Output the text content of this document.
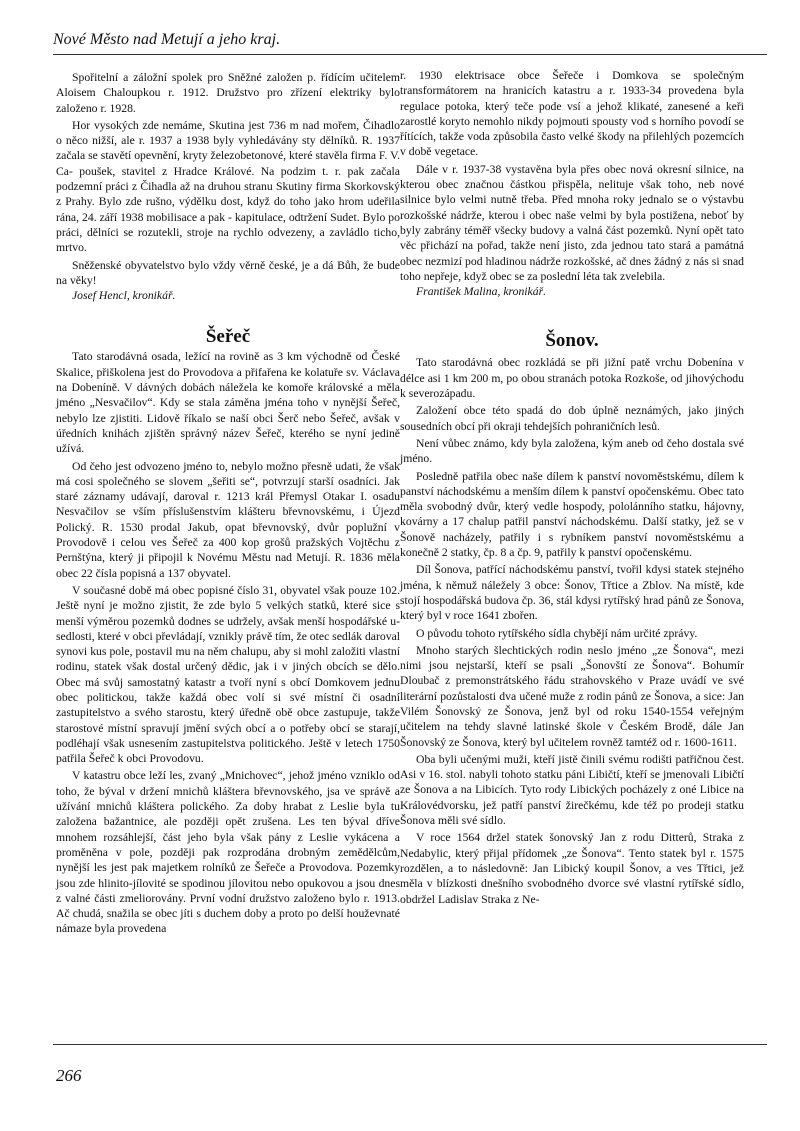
Nové Město nad Metují a jeho kraj.

Spořitelní a záložní spolek pro Sněžné založen p. řídícím učitelem Aloisem Chaloupkou r. 1912. Družstvo pro zřízení elektriky bylo založeno r. 1928.

Hor vysokých zde nemáme, Skutina jest 736 m nad mořem, Čihadlo o něco nižší, ale r. 1937 a 1938 byly vyhledávány sty dělníků. R. 1937 začala se stavětí opevnění, kryty železobetonové, které stavěla firma F. V. Ca- poušek, stavitel z Hradce Králové. Na podzim t. r. pak začala podzemní práci z Čihadla až na druhou stranu Skutiny firma Skorkovský z Prahy. Bylo zde rušno, výdělku dost, když do toho jako hrom udeřila rána, 24. září 1938 mobilisace a pak - kapitulace, odtržení Sudet. Bylo po práci, dělníci se rozutekli, stroje na rychlo odvezeny, a zavládlo ticho, mrtvo.

Sněženské obyvatelstvo bylo vždy věrně české, je a dá Bůh, že bude na věky!

Josef Hencl, kronikář.

Šeřeč

Tato starodávná osada, ležící na rovině as 3 km východně od České Skalice, přiškolena jest do Provodova a přifařena ke kolatuře sv. Václava na Dobeníně. V dávných dobách náležela ke komoře královské a měla jméno „Nesvačilov“. Kdy se stala záměna jména toho v nynější Šeřeč, nebylo lze zjistiti. Lidově říkalo se naší obci Šerč nebo Šeřeč, avšak v úředních knihách zjištěn správný název Šeřeč, kterého se nyní jedině užívá.

Od čeho jest odvozeno jméno to, nebylo možno přesně udati, že však má cosi společného se slovem „šeřiti se“, potvrzují starší osadníci. Jak staré záznamy udávají, daroval r. 1213 král Přemysl Otakar I. osadu Nesvačilov se vším příslušenstvím klášteru břevnovskému, i Újezd Polický. R. 1530 prodal Jakub, opat břevnovský, dvůr poplužní v Provodově i celou ves Šeřeč za 400 kop grošů pražských Vojtěchu z Pernštýna, který ji připojil k Novému Městu nad Metují. R. 1836 měla obec 22 čísla popisná a 137 obyvatel.

V současné době má obec popisné číslo 31, obyvatel však pouze 102. Ještě nyní je možno zjistit, že zde bylo 5 velkých statků, které sice s menší výměrou pozemků dodnes se udržely, avšak menší hospodářské u- sedlosti, které v obci převládají, vznikly právě tím, že otec sedlák daroval synovi kus pole, postavil mu na něm chalupu, aby si mohl založiti vlastní rodinu, statek však dostal určený dědic, jak i v jiných obcích se dělo. Obec má svůj samostatný katastr a tvoří nyní s obcí Domkovem jednu obec politickou, takže každá obec volí si své místní či osadní zastupitelstvo a svého starostu, který úředně obě obce zastupuje, takže starostové místní spravují jmění svých obcí a o potřeby obcí se starají, podléhají však usnesením zastupitelstva politického. Ještě v letech 1750 patřila Šeřeč k obci Provodovu.

V katastru obce leží les, zvaný „Mnichovec“, jehož jméno vzniklo od toho, že býval v držení mnichů kláštera břevnovského, jsa ve správě a užívání mnichů kláštera polického. Za doby hrabat z Leslie byla tu založena bažantnice, ale později opět zrušena. Les ten býval dříve mnohem rozsáhlejší, část jeho byla však pány z Leslie vykácena a proměněna v pole, později pak rozprodána drobným zemědělcům, nynější les jest pak majetkem rolníků ze Šeřeče a Provodova. Pozemky jsou zde hlinito-jílovité se spodinou jílovitou nebo opukovou a jsou dnes z valné části zmeliorovány. První vodní družstvo založeno bylo r. 1913. Ač chudá, snažila se obec jíti s duchem doby a proto po delší houževnaté námaze byla provedena

r. 1930 elektrisace obce Šeřeče i Domkova se společným transformátorem na hranicích katastru a r. 1933-34 provedena byla regulace potoka, který teče pode vsí a jehož klikaté, zanesené a keři zarostlé koryto nemohlo nikdy pojmouti spousty vod s horního povodí se řítících, takže voda způsobila často velké škody na přilehlých pozemcích v době vegetace.

Dále v r. 1937-38 vystavěna byla přes obec nová okresní silnice, na kterou obec značnou částkou přispěla, nelituje však toho, neb nové silnice bylo velmi nutně třeba. Před mnoha roky jednalo se o výstavbu rozkošské nádrže, kterou i obec naše velmi by byla postižena, neboť by byly zabrány téměř všecky budovy a valná část pozemků. Nyní opět tato věc přichází na pořad, takže není jisto, zda jednou tato stará a památná obec nezmizí pod hladinou nádrže rozkošské, ač dnes žádný z nás si snad toho nepřeje, když obec se za poslední léta tak zvelebila.

František Malina, kronikář.

Šonov.

Tato starodávná obec rozkládá se při jižní patě vrchu Dobenína v délce asi 1 km 200 m, po obou stranách potoka Rozkoše, od jihovýchodu k severozápadu.

Založení obce této spadá do dob úplně neznámých, jako jiných sousedních obcí při okraji tehdejších pohraničních lesů.

Není vůbec známo, kdy byla založena, kým aneb od čeho dostala své jméno.

Posledně patřila obec naše dílem k panství novoměstskému, dílem k panství náchodskému a menším dílem k panství opočenskému. Obec tato měla svobodný dvůr, který vedle hospody, pololánního statku, hájovny, kovárny a 17 chalup patřil panství náchodskému. Další statky, jež se v Šonově nacházely, patřily i s rybníkem panství novoměstskému a konečně 2 statky, čp. 8 a čp. 9, patřily k panství opočenskému.

Díl Šonova, patřící náchodskému panství, tvořil kdysi statek stejného jména, k němuž náležely 3 obce: Šonov, Třtice a Zblov. Na místě, kde stojí hospodářská budova čp. 36, stál kdysi rytířský hrad pánů ze Šonova, který byl v roce 1641 zbořen.

O původu tohoto rytířského sídla chybějí nám určité zprávy.

Mnoho starých šlechtických rodin neslo jméno „ze Šonova“, mezi nimi jsou nejstarší, kteří se psali „Šonovští ze Šonova“. Bohumír Dloubač z premonstrátského řádu strahovského v Praze uvádí ve své literární pozůstalosti dva učené muže z rodin pánů ze Šonova, a sice: Jan Vilém Šonovský ze Šonova, jenž byl od roku 1540-1554 veřejným učitelem na tehdy slavné latinské škole v Českém Brodě, dále Jan Šonovský ze Šonova, který byl učitelem rovněž tamtéž od r. 1600-1611.

Oba byli učenými muži, kteří jistě činili svému rodišti patřičnou čest. Asi v 16. stol. nabyli tohoto statku páni Libičtí, kteří se jmenovali Libičtí ze Šonova a na Libicích. Tyto rody Libických pocházely z oné Libice na Královédvorsku, jež patří panství žirečkému, kde též po prodeji statku Šonova měli své sídlo.

V roce 1564 držel statek šonovský Jan z rodu Ditterů, Straka z Nedabylic, který přijal přídomek „ze Šonova“. Tento statek byl r. 1575 rozdělen, a to následovně: Jan Libický koupil Šonov, a ves Třtici, jež měla v blízkosti dnešního svobodného dvorce své vlastní rytířské sídlo, obdržel Ladislav Straka z Ne-

266
